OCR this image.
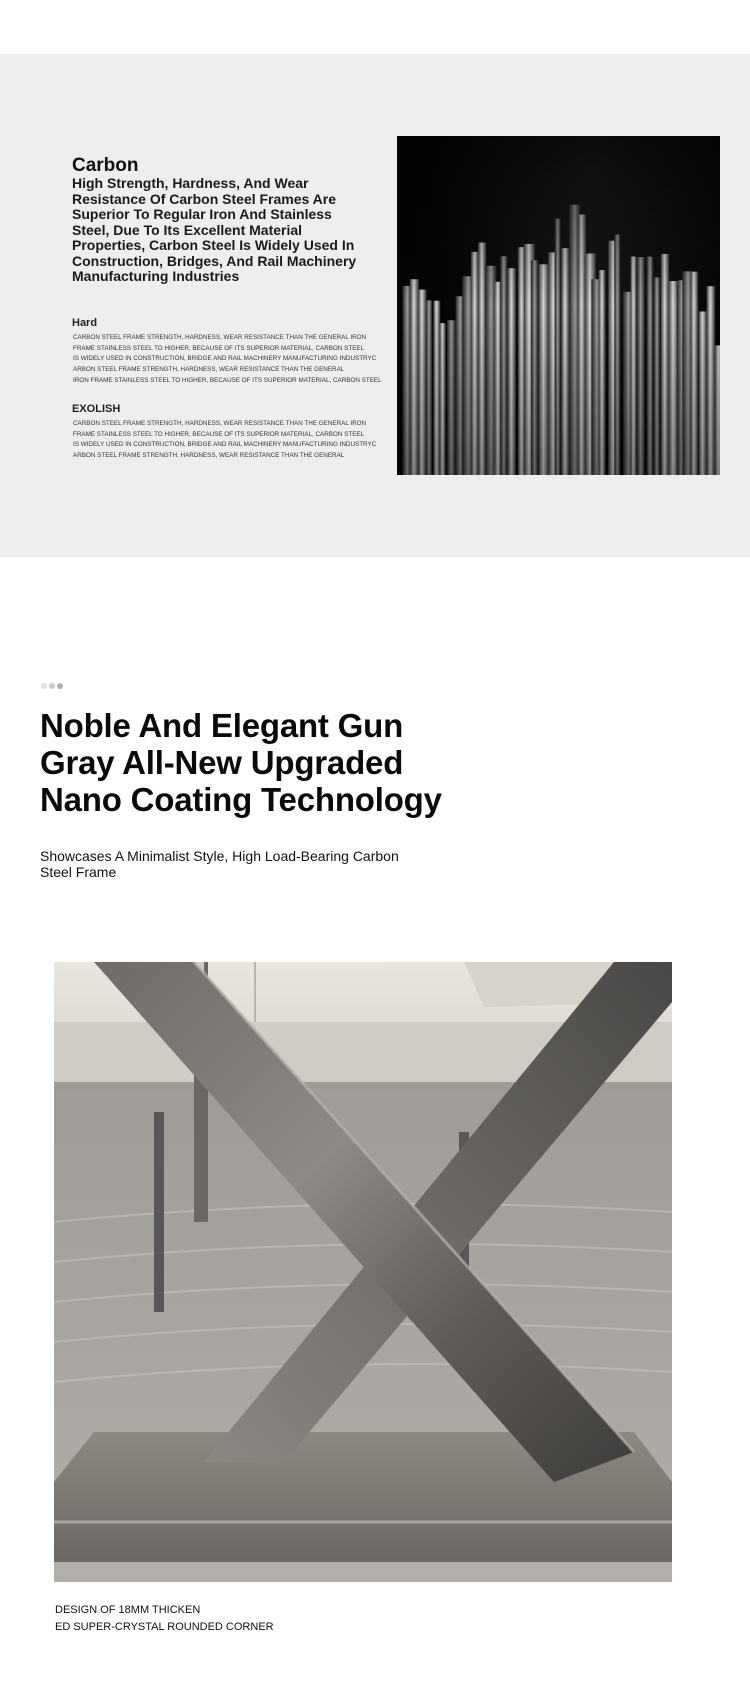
Carbon

High Strength, Hardness, And Wear Resistance Of Carbon Steel Frames Are Superior To Regular Iron And Stainless Steel, Due To Its Excellent Material Properties, Carbon Steel Is Widely Used In Construction, Bridges, And Rail Machinery Manufacturing Industries

Hard
CARBON STEEL FRAME STRENGTH, HARDNESS, WEAR RESISTANCE THAN THE GENERAL IRON
FRAME STAINLESS STEEL TO HIGHER, BECAUSE OF ITS SUPERIOR MATERIAL, CARBON STEEL
IS WIDELY USED IN CONSTRUCTION, BRIDGE AND RAIL MACHINERY MANUFACTURING INDUSTRYC
ARBON STEEL FRAME STRENGTH, HARDNESS, WEAR RESISTANCE THAN THE GENERAL
IRON FRAME STAINLESS STEEL TO HIGHER, BECAUSE OF ITS SUPERIOR MATERIAL, CARBON STEEL
EXOLISH
CARBON STEEL FRAME STRENGTH, HARDNESS, WEAR RESISTANCE THAN THE GENERAL IRON
FRAME STAINLESS STEEL TO HIGHER, BECAUSE OF ITS SUPERIOR MATERIAL, CARBON STEEL
IS WIDELY USED IN CONSTRUCTION, BRIDGE AND RAIL MACHINERY MANUFACTURING INDUSTRYC
ARBON STEEL FRAME STRENGTH, HARDNESS, WEAR RESISTANCE THAN THE GENERAL
Noble And Elegant Gun
Gray All-New Upgraded
Nano Coating Technology

Showcases A Minimalist Style, High Load-Bearing Carbon Steel Frame

DESIGN OF 18MM THICKEN
ED SUPER-CRYSTAL ROUNDED CORNER
